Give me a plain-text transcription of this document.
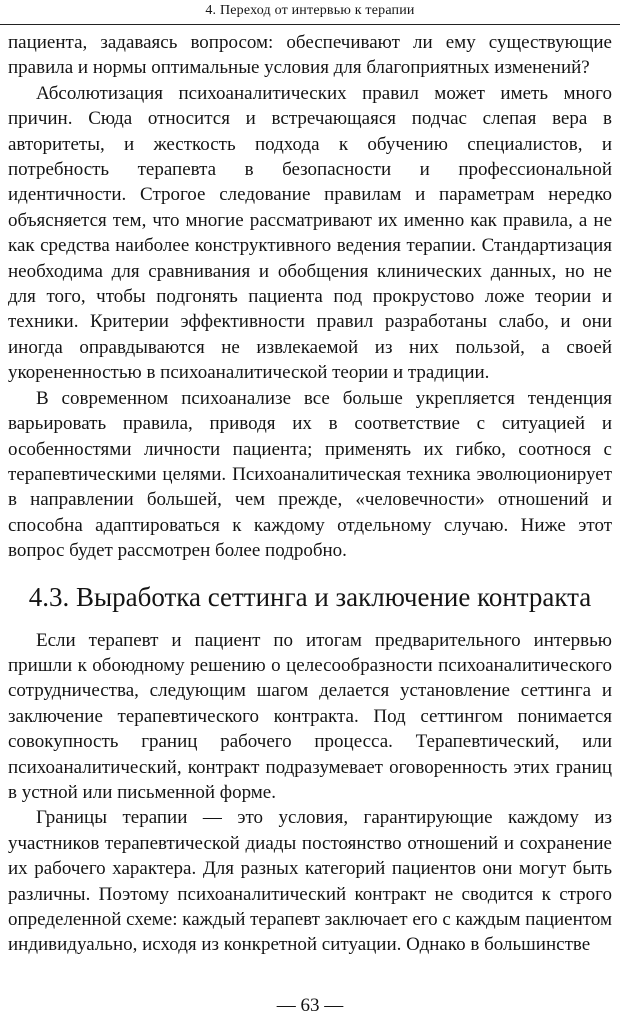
4. Переход от интервью к терапии

пациента, задаваясь вопросом: обеспечивают ли ему существующие правила и нормы оптимальные условия для благоприятных изменений?

Абсолютизация психоаналитических правил может иметь много причин. Сюда относится и встречающаяся подчас слепая вера в авторитеты, и жесткость подхода к обучению специалистов, и потребность терапевта в безопасности и профессиональной идентичности. Строгое следование правилам и параметрам нередко объясняется тем, что многие рассматривают их именно как правила, а не как средства наиболее конструктивного ведения терапии. Стандартизация необходима для сравнивания и обобщения клинических данных, но не для того, чтобы подгонять пациента под прокрустово ложе теории и техники. Критерии эффективности правил разработаны слабо, и они иногда оправдываются не извлекаемой из них пользой, а своей укорененностью в психоаналитической теории и традиции.

В современном психоанализе все больше укрепляется тенденция варьировать правила, приводя их в соответствие с ситуацией и особенностями личности пациента; применять их гибко, соотнося с терапевтическими целями. Психоаналитическая техника эволюционирует в направлении большей, чем прежде, «человечности» отношений и способна адаптироваться к каждому отдельному случаю. Ниже этот вопрос будет рассмотрен более подробно.

4.3. Выработка сеттинга и заключение контракта

Если терапевт и пациент по итогам предварительного интервью пришли к обоюдному решению о целесообразности психоаналитического сотрудничества, следующим шагом делается установление сеттинга и заключение терапевтического контракта. Под сеттингом понимается совокупность границ рабочего процесса. Терапевтический, или психоаналитический, контракт подразумевает оговоренность этих границ в устной или письменной форме.

Границы терапии — это условия, гарантирующие каждому из участников терапевтической диады постоянство отношений и сохранение их рабочего характера. Для разных категорий пациентов они могут быть различны. Поэтому психоаналитический контракт не сводится к строго определенной схеме: каждый терапевт заключает его с каждым пациентом индивидуально, исходя из конкретной ситуации. Однако в большинстве

— 63 —
